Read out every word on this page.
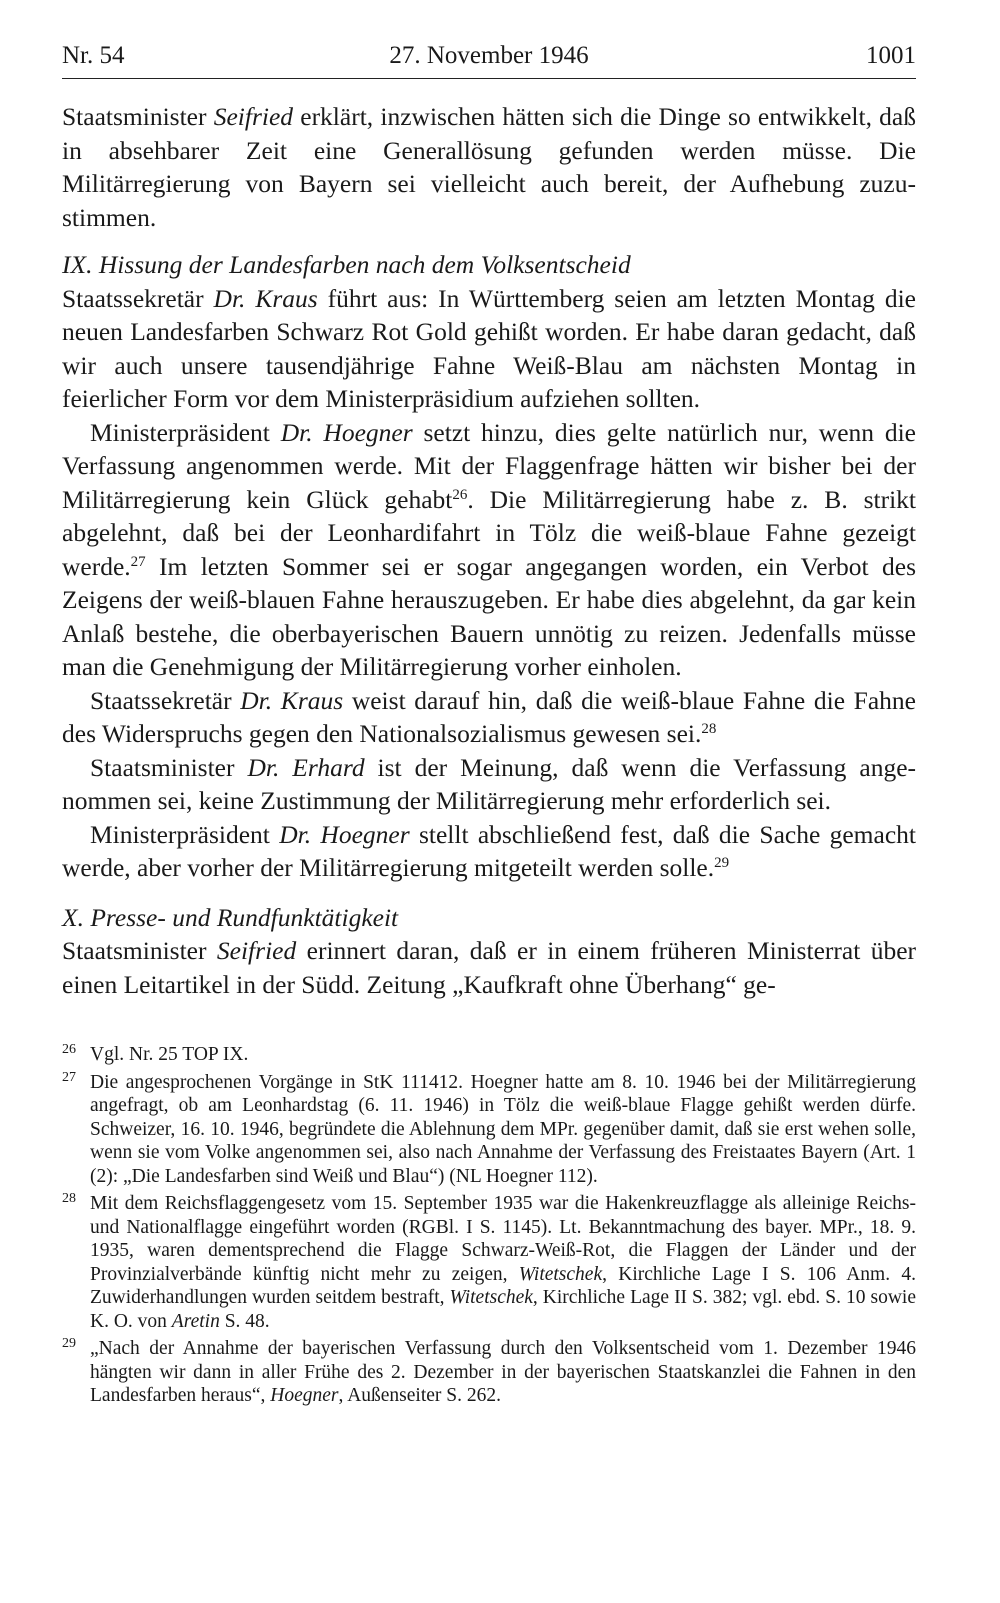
Nr. 54	27. November 1946	1001

Staatsminister Seifried erklärt, inzwischen hätten sich die Dinge so entwikkelt, daß in absehbarer Zeit eine Generallösung gefunden werden müsse. Die Militärregierung von Bayern sei vielleicht auch bereit, der Aufhebung zuzustimmen.

IX. Hissung der Landesfarben nach dem Volksentscheid

Staatssekretär Dr. Kraus führt aus: In Württemberg seien am letzten Montag die neuen Landesfarben Schwarz Rot Gold gehißt worden. Er habe daran gedacht, daß wir auch unsere tausendjährige Fahne Weiß-Blau am nächsten Montag in feierlicher Form vor dem Ministerpräsidium aufziehen sollten.

Ministerpräsident Dr. Hoegner setzt hinzu, dies gelte natürlich nur, wenn die Verfassung angenommen werde. Mit der Flaggenfrage hätten wir bisher bei der Militärregierung kein Glück gehabt$^{26}$. Die Militärregierung habe z. B. strikt abgelehnt, daß bei der Leonhardifahrt in Tölz die weiß-blaue Fahne gezeigt werde.$^{27}$ Im letzten Sommer sei er sogar angegangen worden, ein Verbot des Zeigens der weiß-blauen Fahne herauszugeben. Er habe dies abgelehnt, da gar kein Anlaß bestehe, die oberbayerischen Bauern unnötig zu reizen. Jedenfalls müsse man die Genehmigung der Militärregierung vorher einholen.

Staatssekretär Dr. Kraus weist darauf hin, daß die weiß-blaue Fahne die Fahne des Widerspruchs gegen den Nationalsozialismus gewesen sei.$^{28}$

Staatsminister Dr. Erhard ist der Meinung, daß wenn die Verfassung angenommen sei, keine Zustimmung der Militärregierung mehr erforderlich sei.

Ministerpräsident Dr. Hoegner stellt abschließend fest, daß die Sache gemacht werde, aber vorher der Militärregierung mitgeteilt werden solle.$^{29}$

X. Presse- und Rundfunktätigkeit

Staatsminister Seifried erinnert daran, daß er in einem früheren Ministerrat über einen Leitartikel in der Südd. Zeitung „Kaufkraft ohne Überhang“ ge-

26 Vgl. Nr. 25 TOP IX.
27 Die angesprochenen Vorgänge in StK 111412. Hoegner hatte am 8. 10. 1946 bei der Militärregierung angefragt, ob am Leonhardstag (6. 11. 1946) in Tölz die weiß-blaue Flagge gehißt werden dürfe. Schweizer, 16. 10. 1946, begründete die Ablehnung dem MPr. gegenüber damit, daß sie erst wehen solle, wenn sie vom Volke angenommen sei, also nach Annahme der Verfassung des Freistaates Bayern (Art. 1 (2): „Die Landesfarben sind Weiß und Blau“) (NL Hoegner 112).
28 Mit dem Reichsflaggengesetz vom 15. September 1935 war die Hakenkreuzflagge als alleinige Reichs- und Nationalflagge eingeführt worden (RGBl. I S. 1145). Lt. Bekanntmachung des bayer. MPr., 18. 9. 1935, waren dementsprechend die Flagge Schwarz-Weiß-Rot, die Flaggen der Länder und der Provinzialverbände künftig nicht mehr zu zeigen, Witetschek, Kirchliche Lage I S. 106 Anm. 4. Zuwiderhandlungen wurden seitdem bestraft, Witetschek, Kirchliche Lage II S. 382; vgl. ebd. S. 10 sowie K. O. von Aretin S. 48.
29 „Nach der Annahme der bayerischen Verfassung durch den Volksentscheid vom 1. Dezember 1946 hängten wir dann in aller Frühe des 2. Dezember in der bayerischen Staatskanzlei die Fahnen in den Landesfarben heraus“, Hoegner, Außenseiter S. 262.
